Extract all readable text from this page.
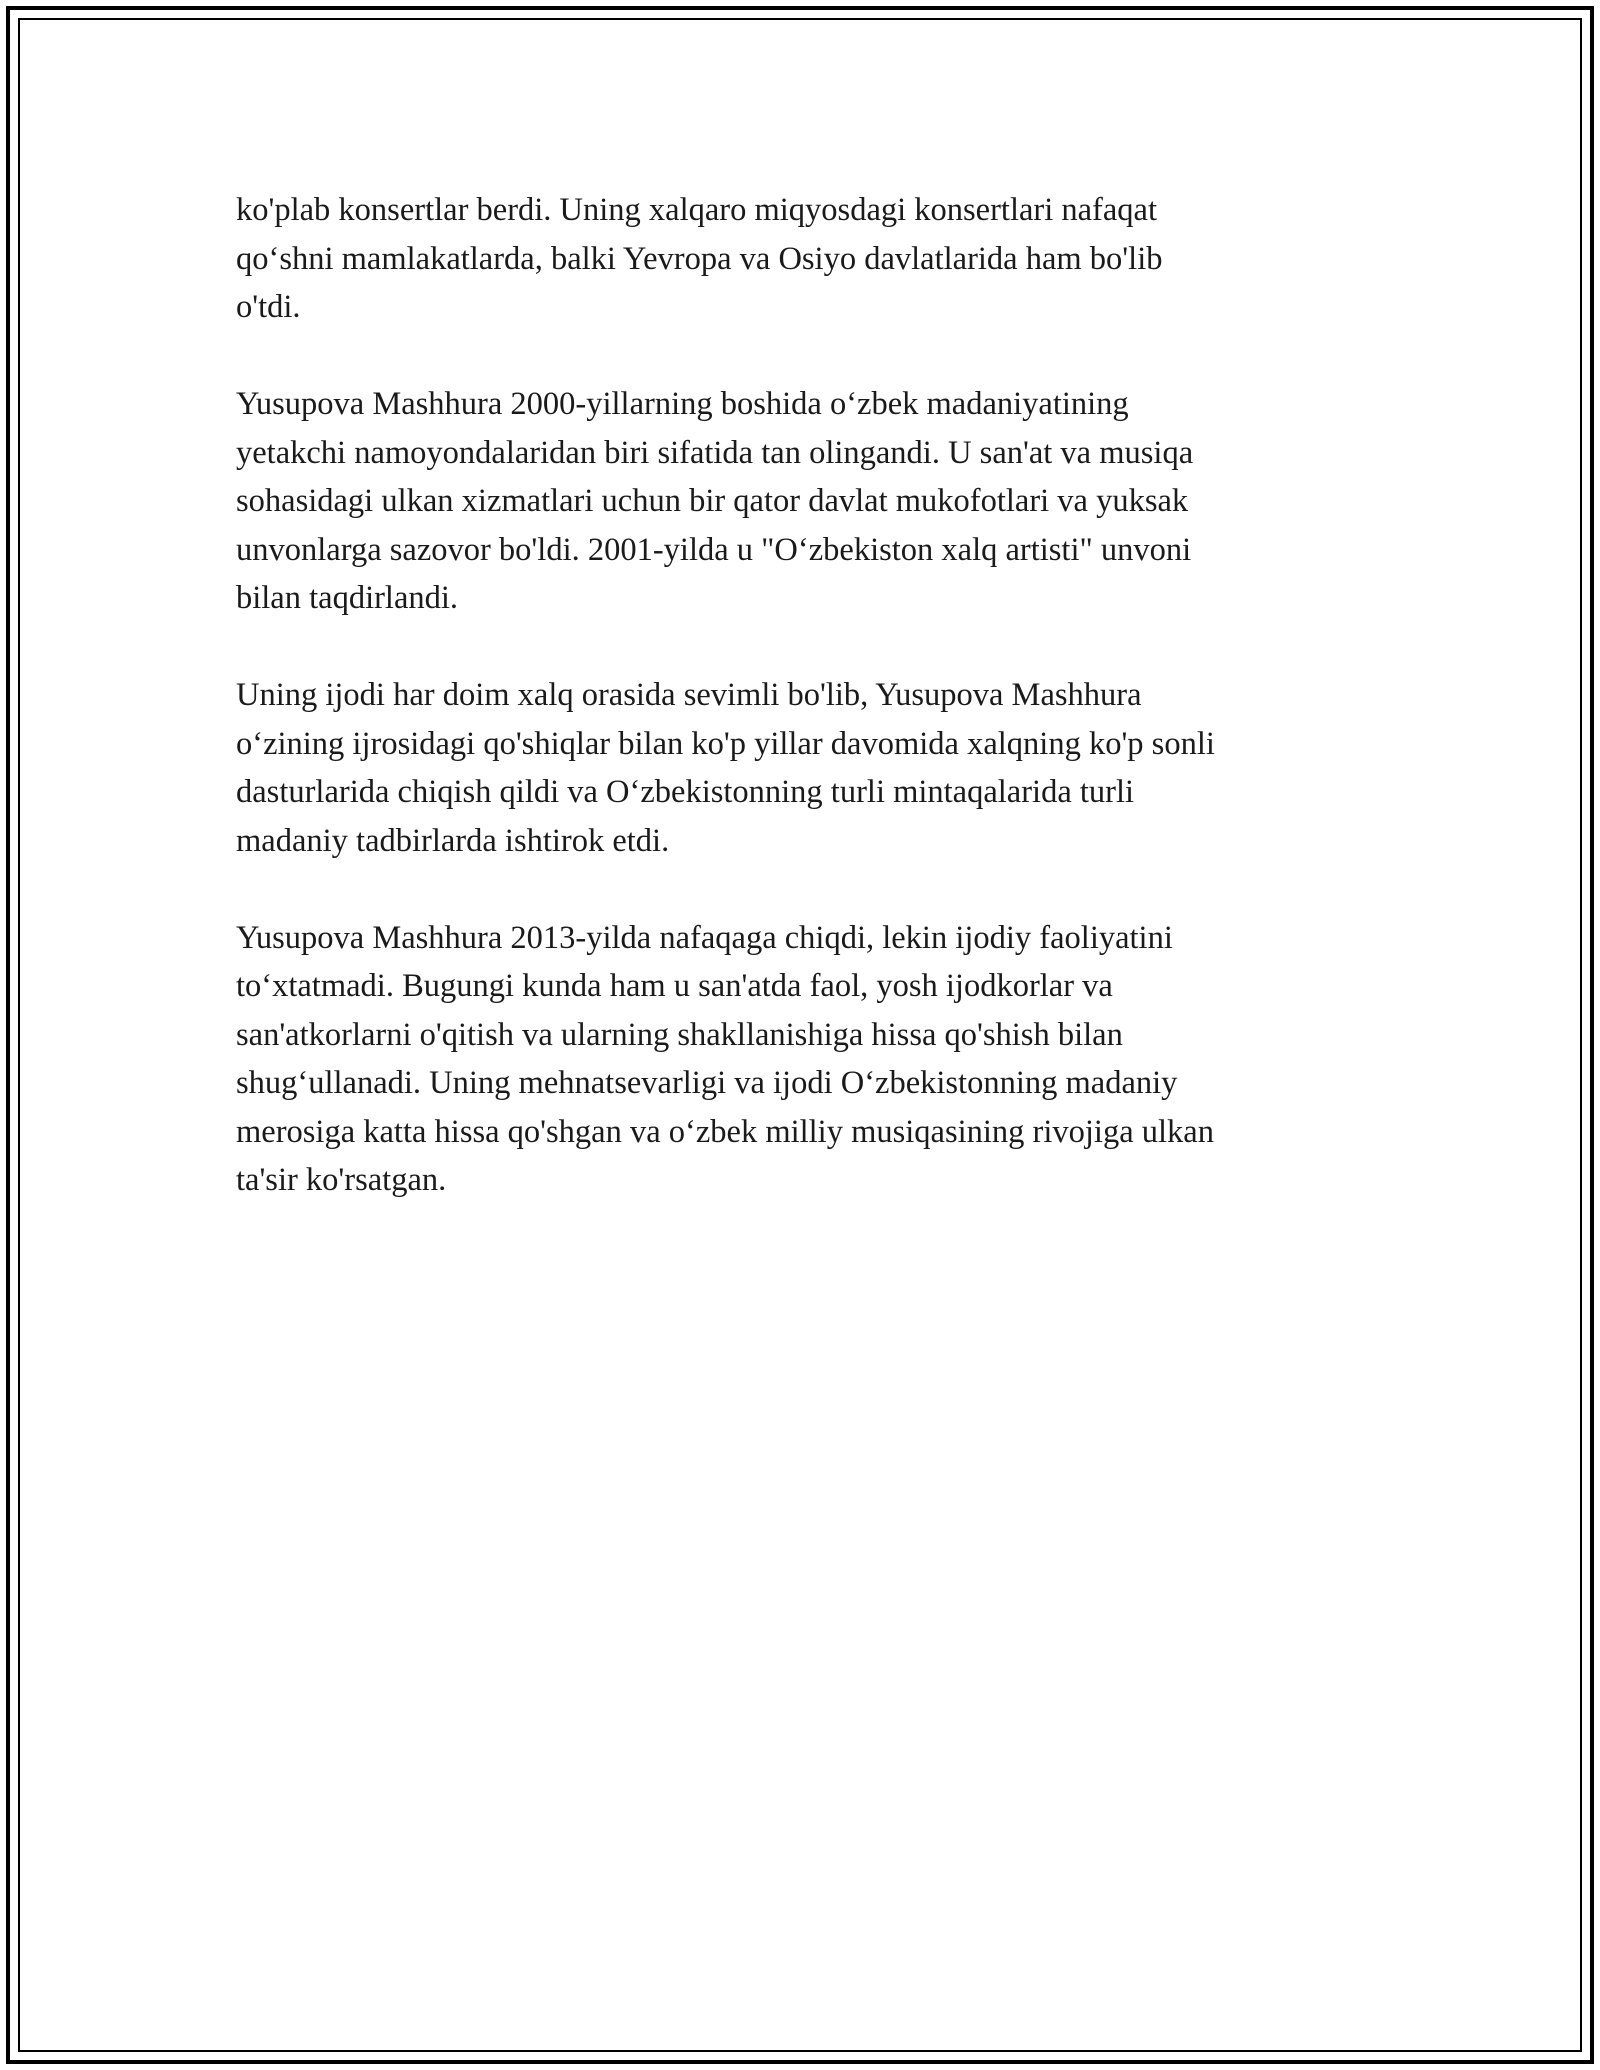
ko'plab konsertlar berdi. Uning xalqaro miqyosdagi konsertlari nafaqat
qo‘shni mamlakatlarda, balki Yevropa va Osiyo davlatlarida ham bo'lib
o'tdi.

Yusupova Mashhura 2000-yillarning boshida o‘zbek madaniyatining
yetakchi namoyondalaridan biri sifatida tan olingandi. U san'at va musiqa
sohasidagi ulkan xizmatlari uchun bir qator davlat mukofotlari va yuksak
unvonlarga sazovor bo'ldi. 2001-yilda u "O‘zbekiston xalq artisti" unvoni
bilan taqdirlandi.

Uning ijodi har doim xalq orasida sevimli bo'lib, Yusupova Mashhura
o‘zining ijrosidagi qo'shiqlar bilan ko'p yillar davomida xalqning ko'p sonli
dasturlarida chiqish qildi va O‘zbekistonning turli mintaqalarida turli
madaniy tadbirlarda ishtirok etdi.

Yusupova Mashhura 2013-yilda nafaqaga chiqdi, lekin ijodiy faoliyatini
to‘xtatmadi. Bugungi kunda ham u san'atda faol, yosh ijodkorlar va
san'atkorlarni o'qitish va ularning shakllanishiga hissa qo'shish bilan
shug‘ullanadi. Uning mehnatsevarligi va ijodi O‘zbekistonning madaniy
merosiga katta hissa qo'shgan va o‘zbek milliy musiqasining rivojiga ulkan
ta'sir ko'rsatgan.
